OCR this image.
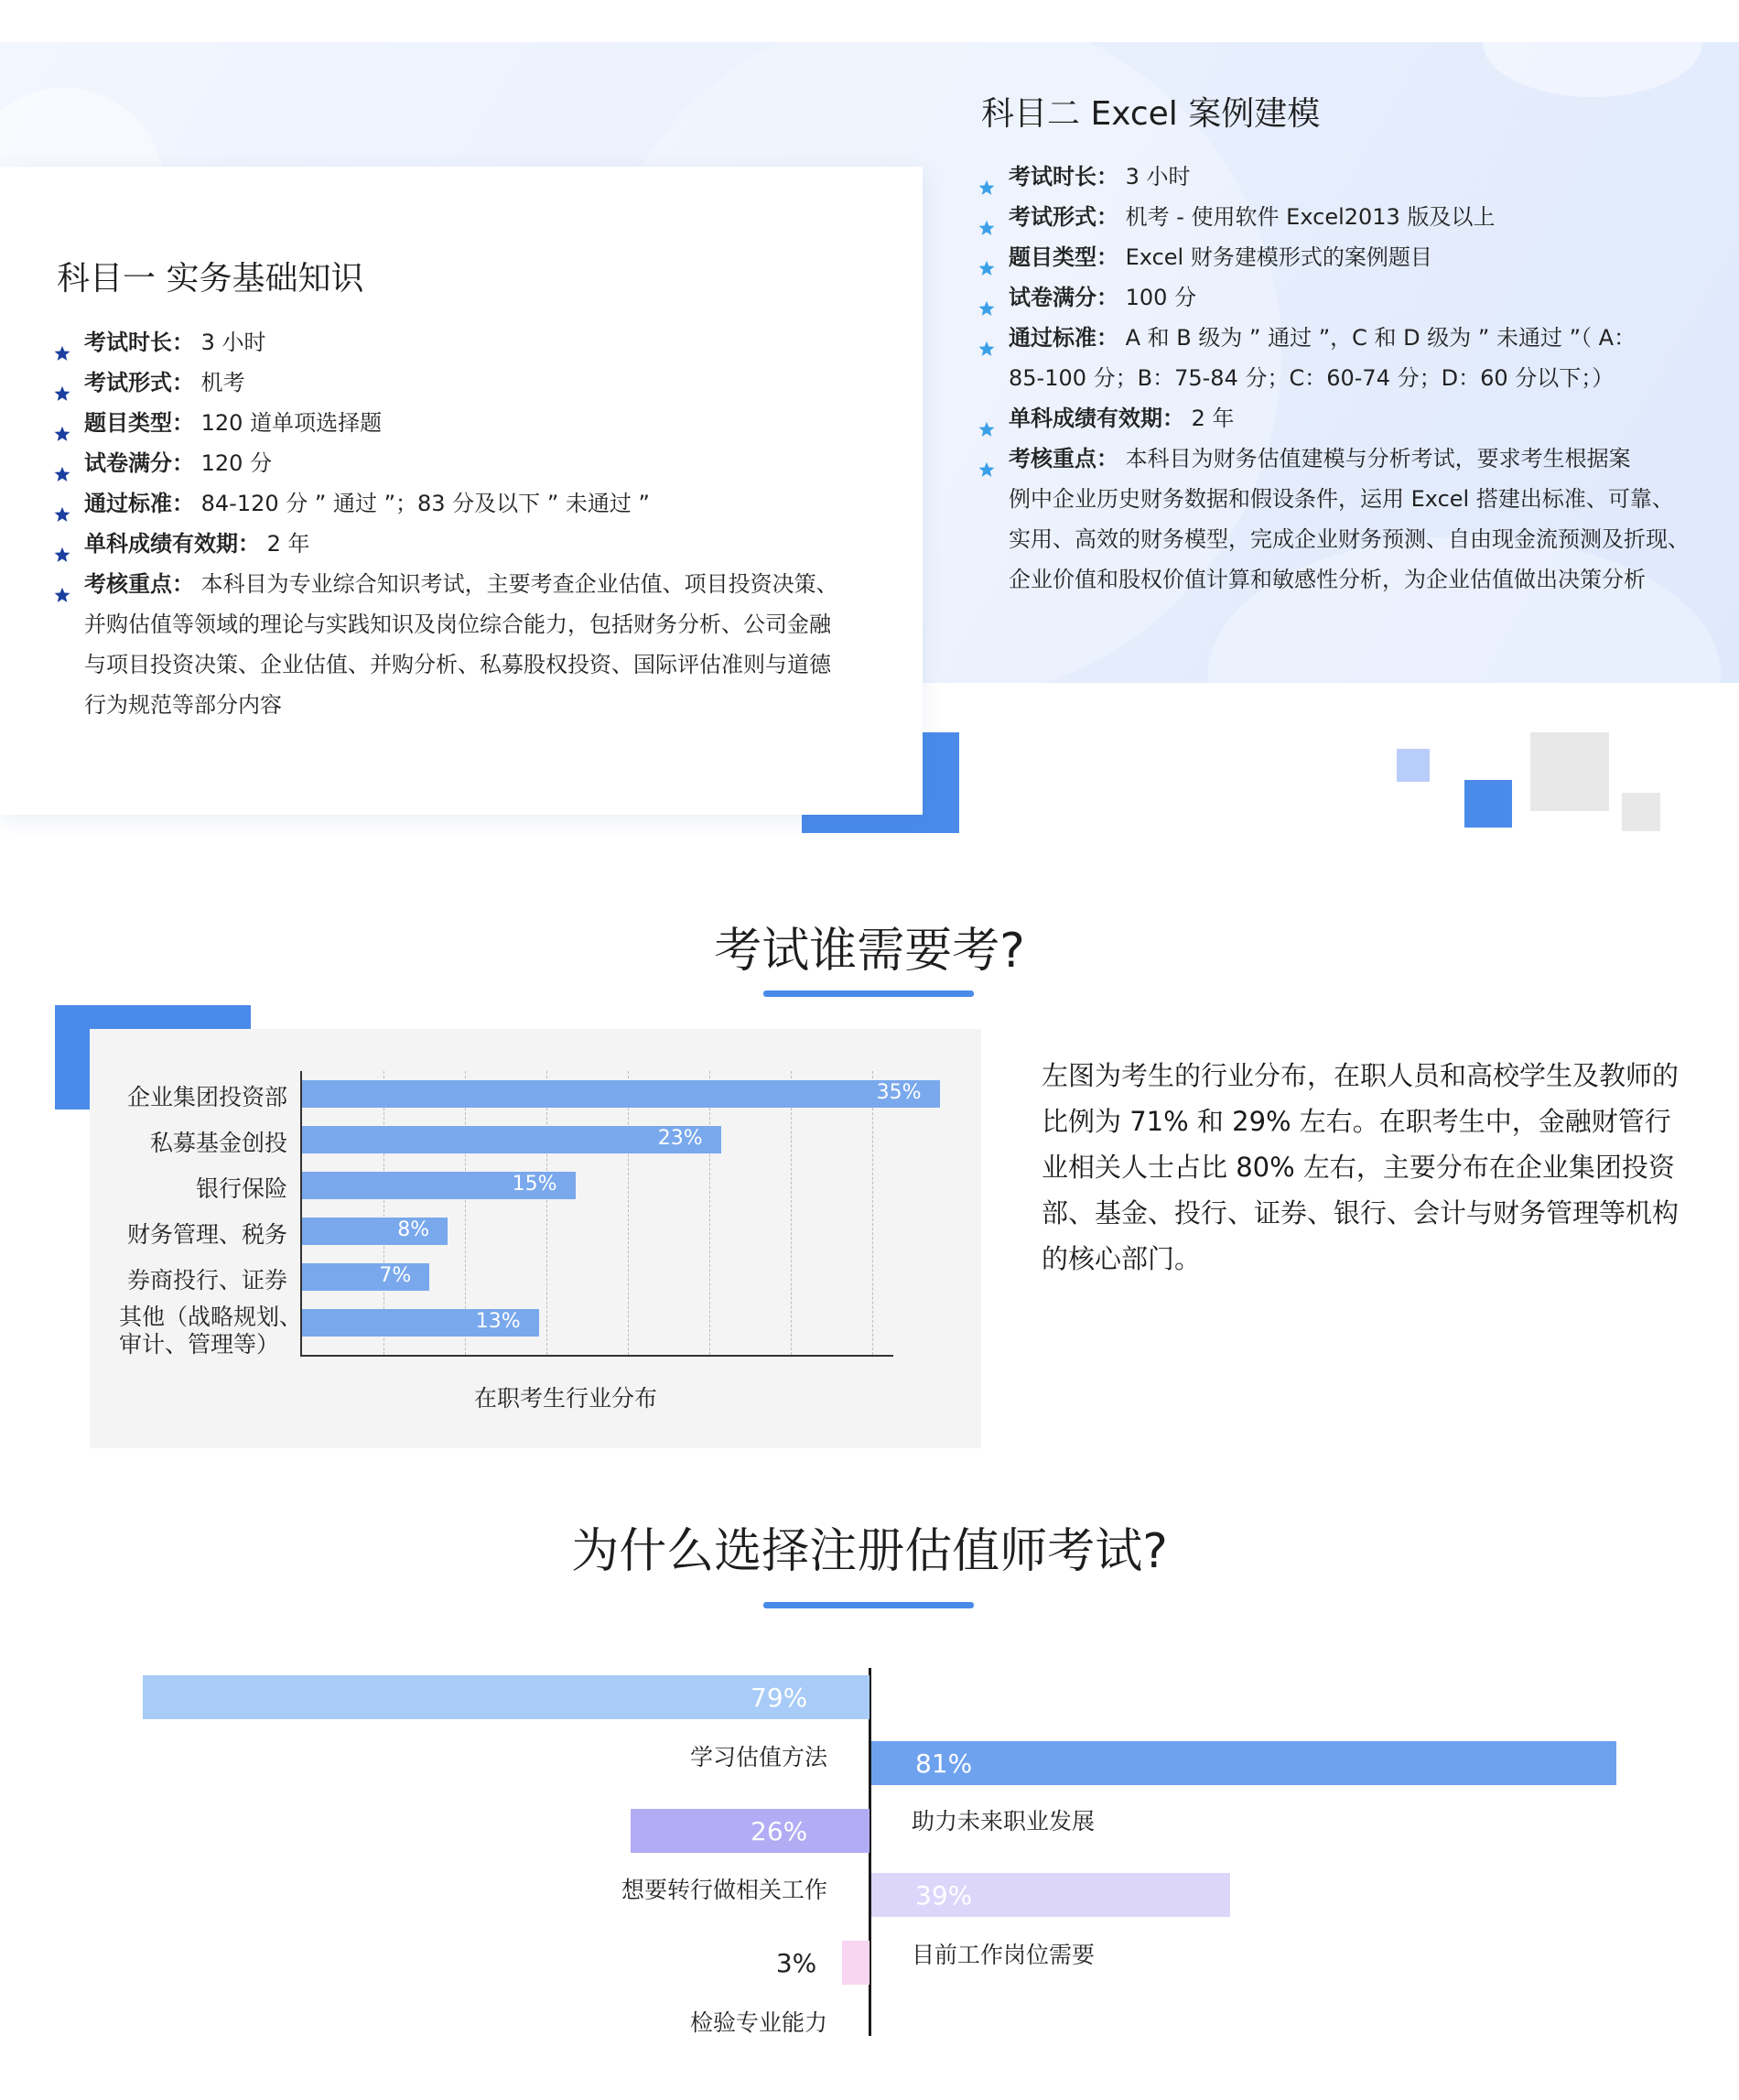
科目二 Excel 案例建模
考试时长： 3 小时
考试形式： 机考 - 使用软件 Excel2013 版及以上
题目类型： Excel 财务建模形式的案例题目
试卷满分： 100 分
通过标准： A 和 B 级为 ” 通过 ”，C 和 D 级为 ” 未通过 ”（ A：
85-100 分；B：75-84 分；C：60-74 分；D：60 分以下；）
单科成绩有效期： 2 年
考核重点： 本科目为财务估值建模与分析考试，要求考生根据案
例中企业历史财务数据和假设条件，运用 Excel 搭建出标准、可靠、
实用、高效的财务模型，完成企业财务预测、自由现金流预测及折现、
企业价值和股权价值计算和敏感性分析，为企业估值做出决策分析
科目一 实务基础知识
考试时长： 3 小时
考试形式： 机考
题目类型： 120 道单项选择题
试卷满分： 120 分
通过标准： 84-120 分 ” 通过 ”；83 分及以下 ” 未通过 ”
单科成绩有效期： 2 年
考核重点： 本科目为专业综合知识考试，主要考查企业估值、项目投资决策、
并购估值等领域的理论与实践知识及岗位综合能力，包括财务分析、公司金融
与项目投资决策、企业估值、并购分析、私募股权投资、国际评估准则与道德
行为规范等部分内容
考试谁需要考?
35%
企业集团投资部
23%
私募基金创投
15%
银行保险
8%
财务管理、税务
7%
券商投行、证券
13%
其他（战略规划、
审计、管理等）
在职考生行业分布
左图为考生的行业分布，在职人员和高校学生及教师的比例为 71% 和 29% 左右。在职考生中，金融财管行业相关人士占比 80% 左右，主要分布在企业集团投资部、基金、投行、证券、银行、会计与财务管理等机构的核心部门。
为什么选择注册估值师考试?
79%
学习估值方法	81%
助力未来职业发展
26%
想要转行做相关工作	39%
目前工作岗位需要
3%
检验专业能力
